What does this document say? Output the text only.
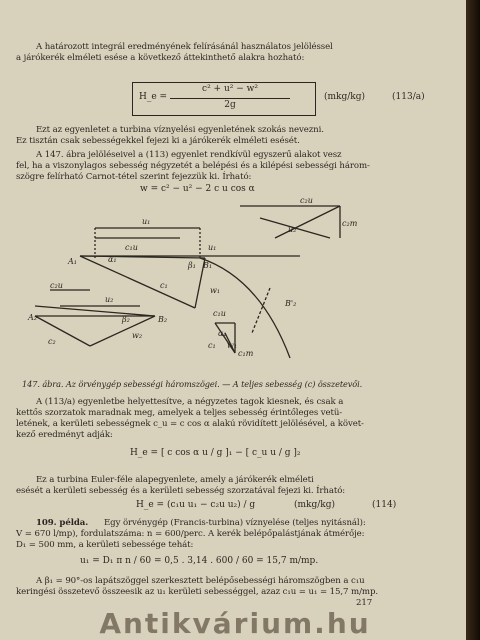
A határozott integrál eredményének felírásánál használatos jelöléssel
a járókerék elméleti esése a következő áttekinthető alakra hozható:
H_e =
c² + u² − w²
2g
(mkg/kg)	(113/a)
Ezt az egyenletet a turbina víznyelési egyenletének szokás nevezni.
Ez tisztán csak sebességekkel fejezi ki a járókerék elméleti esését.
A 147. ábra jelöléseivel a (113) egyenlet rendkívül egyszerű alakot vesz
fel, ha a viszonylagos sebesség négyzetét a belépési és a kilépési sebességi három-
szögre felírható Carnot-tétel szerint fejezzük ki. Írható:
w = c² − u² − 2 c u cos α
u₁
c₁u
A₁	α₁
β₁ B₁
u₁
c₁
w₁
c₂u
u₂
A₂	β₂	B₂
c₂
w₂
c₂u
u₂
B'₂
c₂m
c₁u
α₁
c₁ w₁
c₁m
147. ábra. Az örvénygép sebességi háromszögei. — A teljes sebesség (c) összetevői.
A (113/a) egyenletbe helyettesítve, a négyzetes tagok kiesnek, és csak a
kettős szorzatok maradnak meg, amelyek a teljes sebesség érintőleges vetü-
letének, a kerületi sebességnek c_u = c cos α alakú rövidített jelölésével, a követ-
kező eredményt adják:
H_e = [ c cos α u / g ]₁ − [ c_u u / g ]₂
Ez a turbina Euler-féle alapegyenlete, amely a járókerék elméleti
esését a kerületi sebesség és a kerületi sebesség szorzatával fejezi ki. Írható:
H_e = (c₁u u₁ − c₂u u₂) / g	(mkg/kg)	(114)
109. példa. Egy örvénygép (Francis-turbina) víznyelése (teljes nyitásnál):
V = 670 l/mp), fordulatszáma: n = 600/perc. A kerék belépőpalástjának átmérője:
D₁ = 500 mm, a kerületi sebessége tehát:
u₁ = D₁ π n / 60 = 0,5 . 3,14 . 600 / 60 = 15,7 m/mp.
A β₁ = 90°-os lapátszöggel szerkesztett belépősebességi háromszögben a c₁u
keringési összetevő összeesik az u₁ kerületi sebességgel, azaz c₁u = u₁ = 15,7 m/mp.
217
Antikvárium.hu
